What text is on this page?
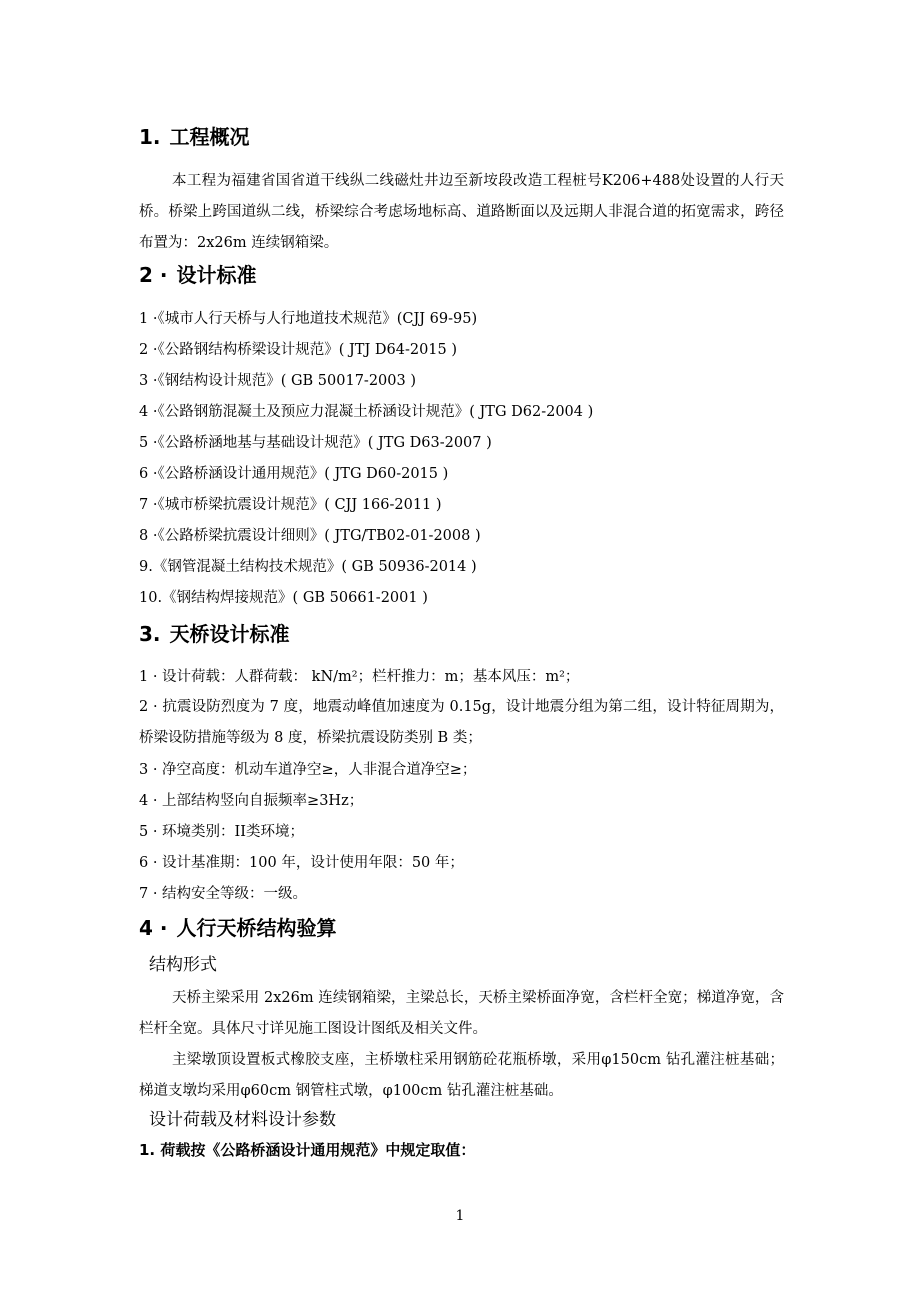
1. 工程概况

本工程为福建省国省道干线纵二线磁灶井边至新垵段改造工程桩号K206+488处设置的人行天桥。桥梁上跨国道纵二线，桥梁综合考虑场地标高、道路断面以及远期人非混合道的拓宽需求，跨径布置为：2x26m 连续钢箱梁。

2 · 设计标准
1 ·《城市人行天桥与人行地道技术规范》(CJJ 69-95)
2 ·《公路钢结构桥梁设计规范》( JTJ D64-2015 )
3 ·《钢结构设计规范》( GB 50017-2003 )
4 ·《公路钢筋混凝土及预应力混凝土桥涵设计规范》( JTG D62-2004 )
5 ·《公路桥涵地基与基础设计规范》( JTG D63-2007 )
6 ·《公路桥涵设计通用规范》( JTG D60-2015 )
7 ·《城市桥梁抗震设计规范》( CJJ 166-2011 )
8 ·《公路桥梁抗震设计细则》( JTG/TB02-01-2008 )
9.《钢管混凝土结构技术规范》( GB 50936-2014 )
10.《钢结构焊接规范》( GB 50661-2001 )
3. 天桥设计标准
1 · 设计荷载：人群荷载： kN/m²；栏杆推力：m；基本风压：m²；

2 · 抗震设防烈度为 7 度，地震动峰值加速度为 0.15g，设计地震分组为第二组，设计特征周期为，桥梁设防措施等级为 8 度，桥梁抗震设防类别 B 类；

3 · 净空高度：机动车道净空≥，人非混合道净空≥；
4 · 上部结构竖向自振频率≥3Hz；
5 · 环境类别：II类环境；
6 · 设计基准期：100 年，设计使用年限：50 年；
7 · 结构安全等级：一级。
4 · 人行天桥结构验算
结构形式

天桥主梁采用 2x26m 连续钢箱梁，主梁总长，天桥主梁桥面净宽，含栏杆全宽；梯道净宽，含栏杆全宽。具体尺寸详见施工图设计图纸及相关文件。

主梁墩顶设置板式橡胶支座，主桥墩柱采用钢筋砼花瓶桥墩，采用φ150cm 钻孔灌注桩基础；梯道支墩均采用φ60cm 钢管柱式墩，φ100cm 钻孔灌注桩基础。

设计荷载及材料设计参数
1. 荷载按《公路桥涵设计通用规范》中规定取值：
1
